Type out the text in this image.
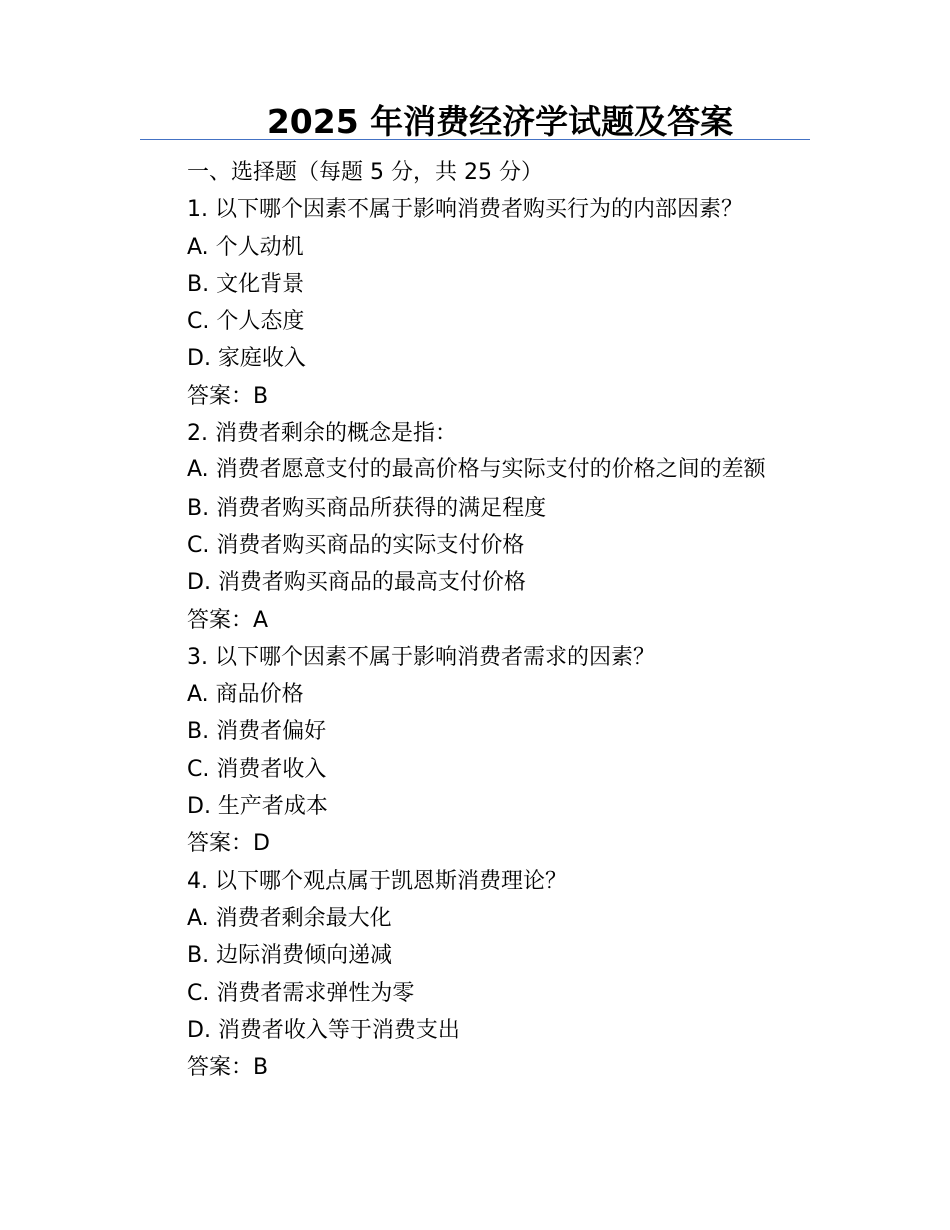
2025 年消费经济学试题及答案

一、选择题（每题 5 分，共 25 分）

1. 以下哪个因素不属于影响消费者购买行为的内部因素？

A. 个人动机

B. 文化背景

C. 个人态度

D. 家庭收入

答案：B

2. 消费者剩余的概念是指：

A. 消费者愿意支付的最高价格与实际支付的价格之间的差额

B. 消费者购买商品所获得的满足程度

C. 消费者购买商品的实际支付价格

D. 消费者购买商品的最高支付价格

答案：A

3. 以下哪个因素不属于影响消费者需求的因素？

A. 商品价格

B. 消费者偏好

C. 消费者收入

D. 生产者成本

答案：D

4. 以下哪个观点属于凯恩斯消费理论？

A. 消费者剩余最大化

B. 边际消费倾向递减

C. 消费者需求弹性为零

D. 消费者收入等于消费支出

答案：B
